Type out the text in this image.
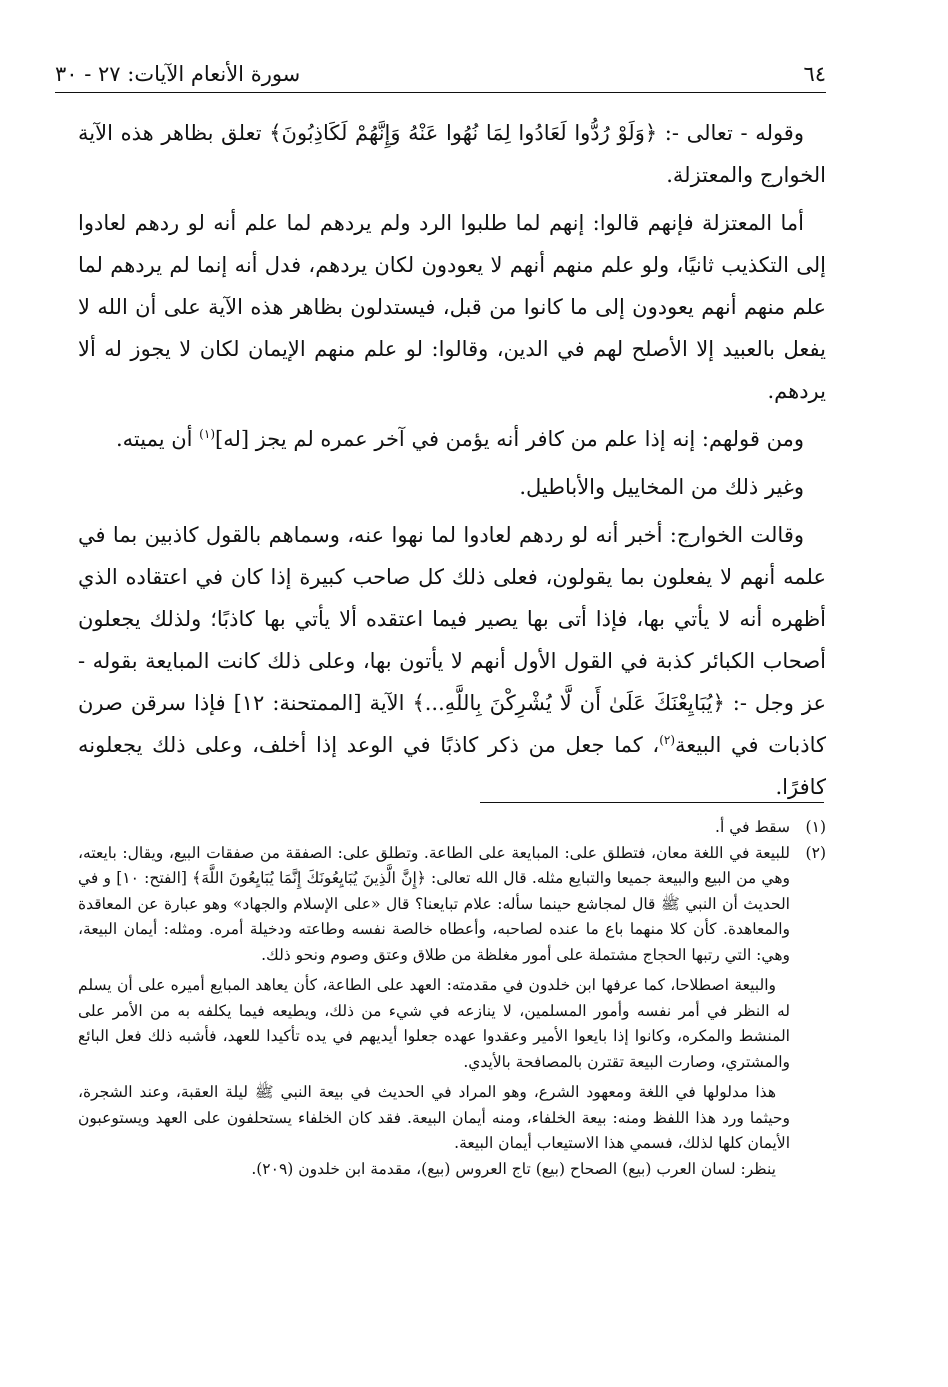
٦٤
سورة الأنعام الآيات: ٢٧ - ٣٠

وقوله - تعالى -: ﴿وَلَوْ رُدُّوا لَعَادُوا لِمَا نُهُوا عَنْهُ وَإِنَّهُمْ لَكَاذِبُونَ﴾ تعلق بظاهر هذه الآية الخوارج والمعتزلة.

أما المعتزلة فإنهم قالوا: إنهم لما طلبوا الرد ولم يردهم لما علم أنه لو ردهم لعادوا إلى التكذيب ثانيًا، ولو علم منهم أنهم لا يعودون لكان يردهم، فدل أنه إنما لم يردهم لما علم منهم أنهم يعودون إلى ما كانوا من قبل، فيستدلون بظاهر هذه الآية على أن الله لا يفعل بالعبيد إلا الأصلح لهم في الدين، وقالوا: لو علم منهم الإيمان لكان لا يجوز له ألا يردهم.

ومن قولهم: إنه إذا علم من كافر أنه يؤمن في آخر عمره لم يجز [له]$^{(١)}$ أن يميته.

وغير ذلك من المخاييل والأباطيل.

وقالت الخوارج: أخبر أنه لو ردهم لعادوا لما نهوا عنه، وسماهم بالقول كاذبين بما في علمه أنهم لا يفعلون بما يقولون، فعلى ذلك كل صاحب كبيرة إذا كان في اعتقاده الذي أظهره أنه لا يأتي بها، فإذا أتى بها يصير فيما اعتقده ألا يأتي بها كاذبًا؛ ولذلك يجعلون أصحاب الكبائر كذبة في القول الأول أنهم لا يأتون بها، وعلى ذلك كانت المبايعة بقوله - عز وجل -: ﴿يُبَايِعْنَكَ عَلَىٰ أَن لَّا يُشْرِكْنَ بِاللَّهِ...﴾ الآية [الممتحنة: ١٢] فإذا سرقن صرن كاذبات في البيعة$^{(٢)}$، كما جعل من ذكر كاذبًا في الوعد إذا أخلف، وعلى ذلك يجعلونه كافرًا.

(١)
سقط في أ.
(٢)
للبيعة في اللغة معان، فتطلق على: المبايعة على الطاعة. وتطلق على: الصفقة من صفقات البيع، ويقال: بايعته، وهي من البيع والبيعة جميعا والتبايع مثله. قال الله تعالى: ﴿إِنَّ الَّذِينَ يُبَايِعُونَكَ إِنَّمَا يُبَايِعُونَ اللَّهَ﴾ [الفتح: ١٠] و في الحديث أن النبي ﷺ قال لمجاشع حينما سأله: علام تبايعنا؟ قال «على الإسلام والجهاد» وهو عبارة عن المعاقدة والمعاهدة. كأن كلا منهما باع ما عنده لصاحبه، وأعطاه خالصة نفسه وطاعته ودخيلة أمره. ومثله: أيمان البيعة، وهي: التي رتبها الحجاج مشتملة على أمور مغلظة من طلاق وعتق وصوم ونحو ذلك.

والبيعة اصطلاحا، كما عرفها ابن خلدون في مقدمته: العهد على الطاعة، كأن يعاهد المبايع أميره على أن يسلم له النظر في أمر نفسه وأمور المسلمين، لا ينازعه في شيء من ذلك، ويطيعه فيما يكلفه به من الأمر على المنشط والمكره، وكانوا إذا بايعوا الأمير وعقدوا عهده جعلوا أيديهم في يده تأكيدا للعهد، فأشبه ذلك فعل البائع والمشتري، وصارت البيعة تقترن بالمصافحة بالأيدي.

هذا مدلولها في اللغة ومعهود الشرع، وهو المراد في الحديث في بيعة النبي ﷺ ليلة العقبة، وعند الشجرة، وحيثما ورد هذا اللفظ ومنه: بيعة الخلفاء، ومنه أيمان البيعة. فقد كان الخلفاء يستحلفون على العهد ويستوعبون الأيمان كلها لذلك، فسمي هذا الاستيعاب أيمان البيعة.

ينظر: لسان العرب (بيع) الصحاح (بيع) تاج العروس (بيع)، مقدمة ابن خلدون (٢٠٩).
